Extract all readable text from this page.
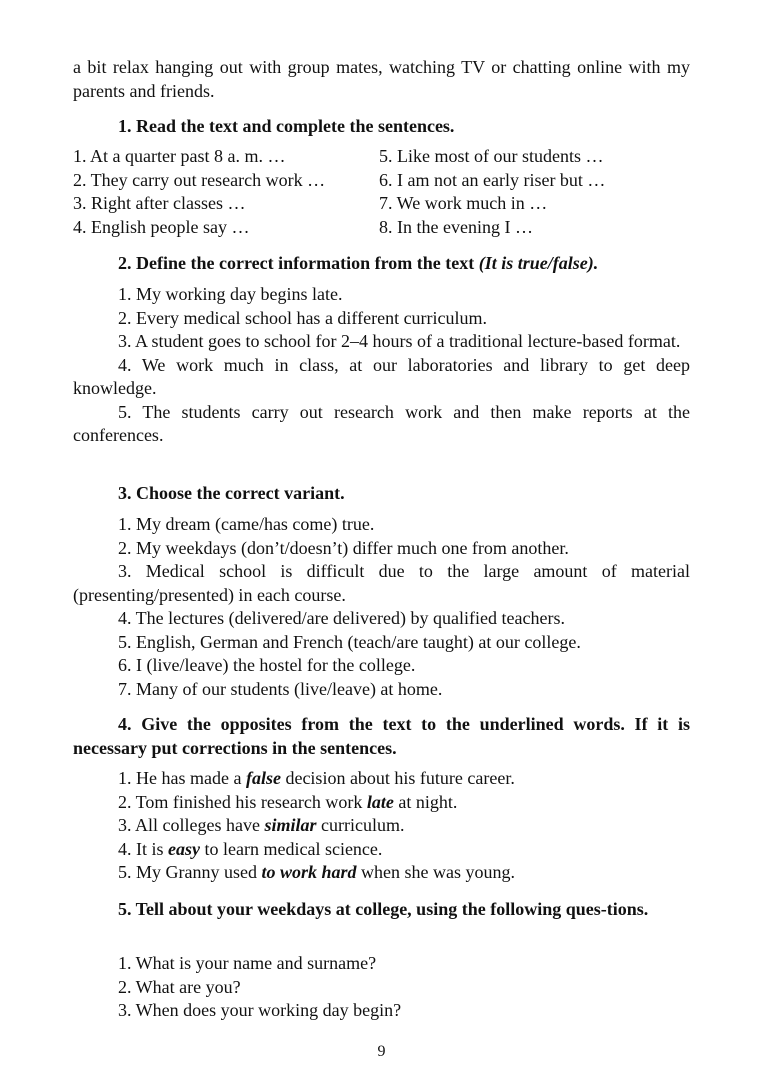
a bit relax hanging out with group mates, watching TV or chatting online with my parents and friends.

1. Read the text and complete the sentences.

1. At a quarter past 8 a. m. …
2. They carry out research work …
3. Right after classes …
4. English people say …
5. Like most of our students …
6. I am not an early riser but …
7. We work much in …
8. In the evening I …

2. Define the correct information from the text (It is true/false).

1. My working day begins late.

2. Every medical school has a different curriculum.

3. A student goes to school for 2–4 hours of a traditional lecture-based format.

4. We work much in class, at our laboratories and library to get deep knowledge.

5. The students carry out research work and then make reports at the conferences.

3. Choose the correct variant.

1. My dream (came/has come) true.

2. My weekdays (don’t/doesn’t) differ much one from another.

3. Medical school is difficult due to the large amount of material (presenting/presented) in each course.

4. The lectures (delivered/are delivered) by qualified teachers.

5. English, German and French (teach/are taught) at our college.

6. I (live/leave) the hostel for the college.

7. Many of our students (live/leave) at home.

4. Give the opposites from the text to the underlined words. If it is necessary put corrections in the sentences.

1. He has made a false decision about his future career.

2. Tom finished his research work late at night.

3. All colleges have similar curriculum.

4. It is easy to learn medical science.

5. My Granny used to work hard when she was young.

5. Tell about your weekdays at college, using the following ques-tions.

1. What is your name and surname?

2. What are you?

3. When does your working day begin?

9
